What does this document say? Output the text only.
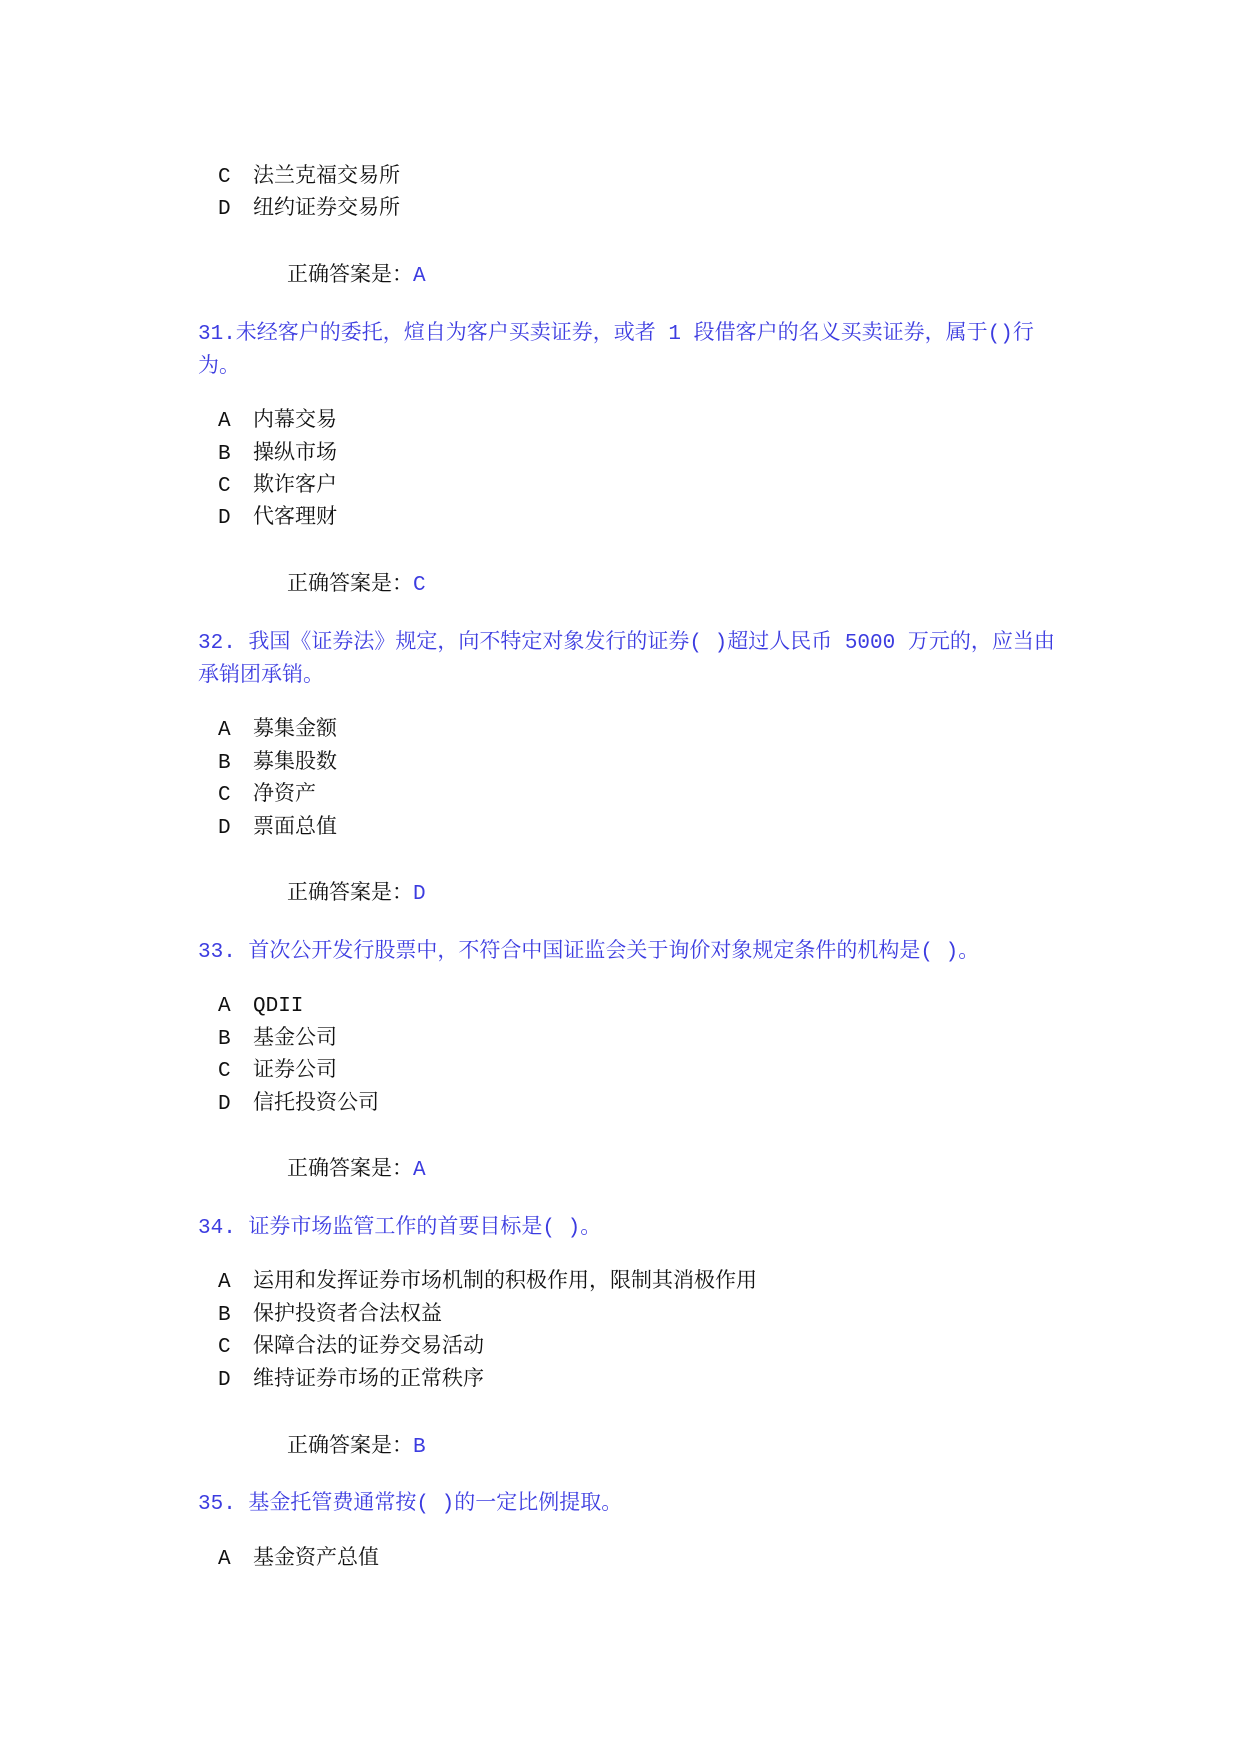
C 法兰克福交易所
D 纽约证券交易所
正确答案是：A
31.未经客户的委托，煊自为客户买卖证券，或者 1 段借客户的名义买卖证券，属于()行
为。
A 内幕交易
B 操纵市场
C 欺诈客户
D 代客理财
正确答案是：C
32. 我国《证券法》规定，向不特定对象发行的证券( )超过人民币 5000 万元的，应当由
承销团承销。
A 募集金额
B 募集股数
C 净资产
D 票面总值
正确答案是：D
33. 首次公开发行股票中，不符合中国证监会关于询价对象规定条件的机构是( )。
A QDII
B 基金公司
C 证券公司
D 信托投资公司
正确答案是：A
34. 证券市场监管工作的首要目标是( )。
A 运用和发挥证券市场机制的积极作用，限制其消极作用
B 保护投资者合法权益
C 保障合法的证券交易活动
D 维持证券市场的正常秩序
正确答案是：B
35. 基金托管费通常按( )的一定比例提取。
A 基金资产总值
